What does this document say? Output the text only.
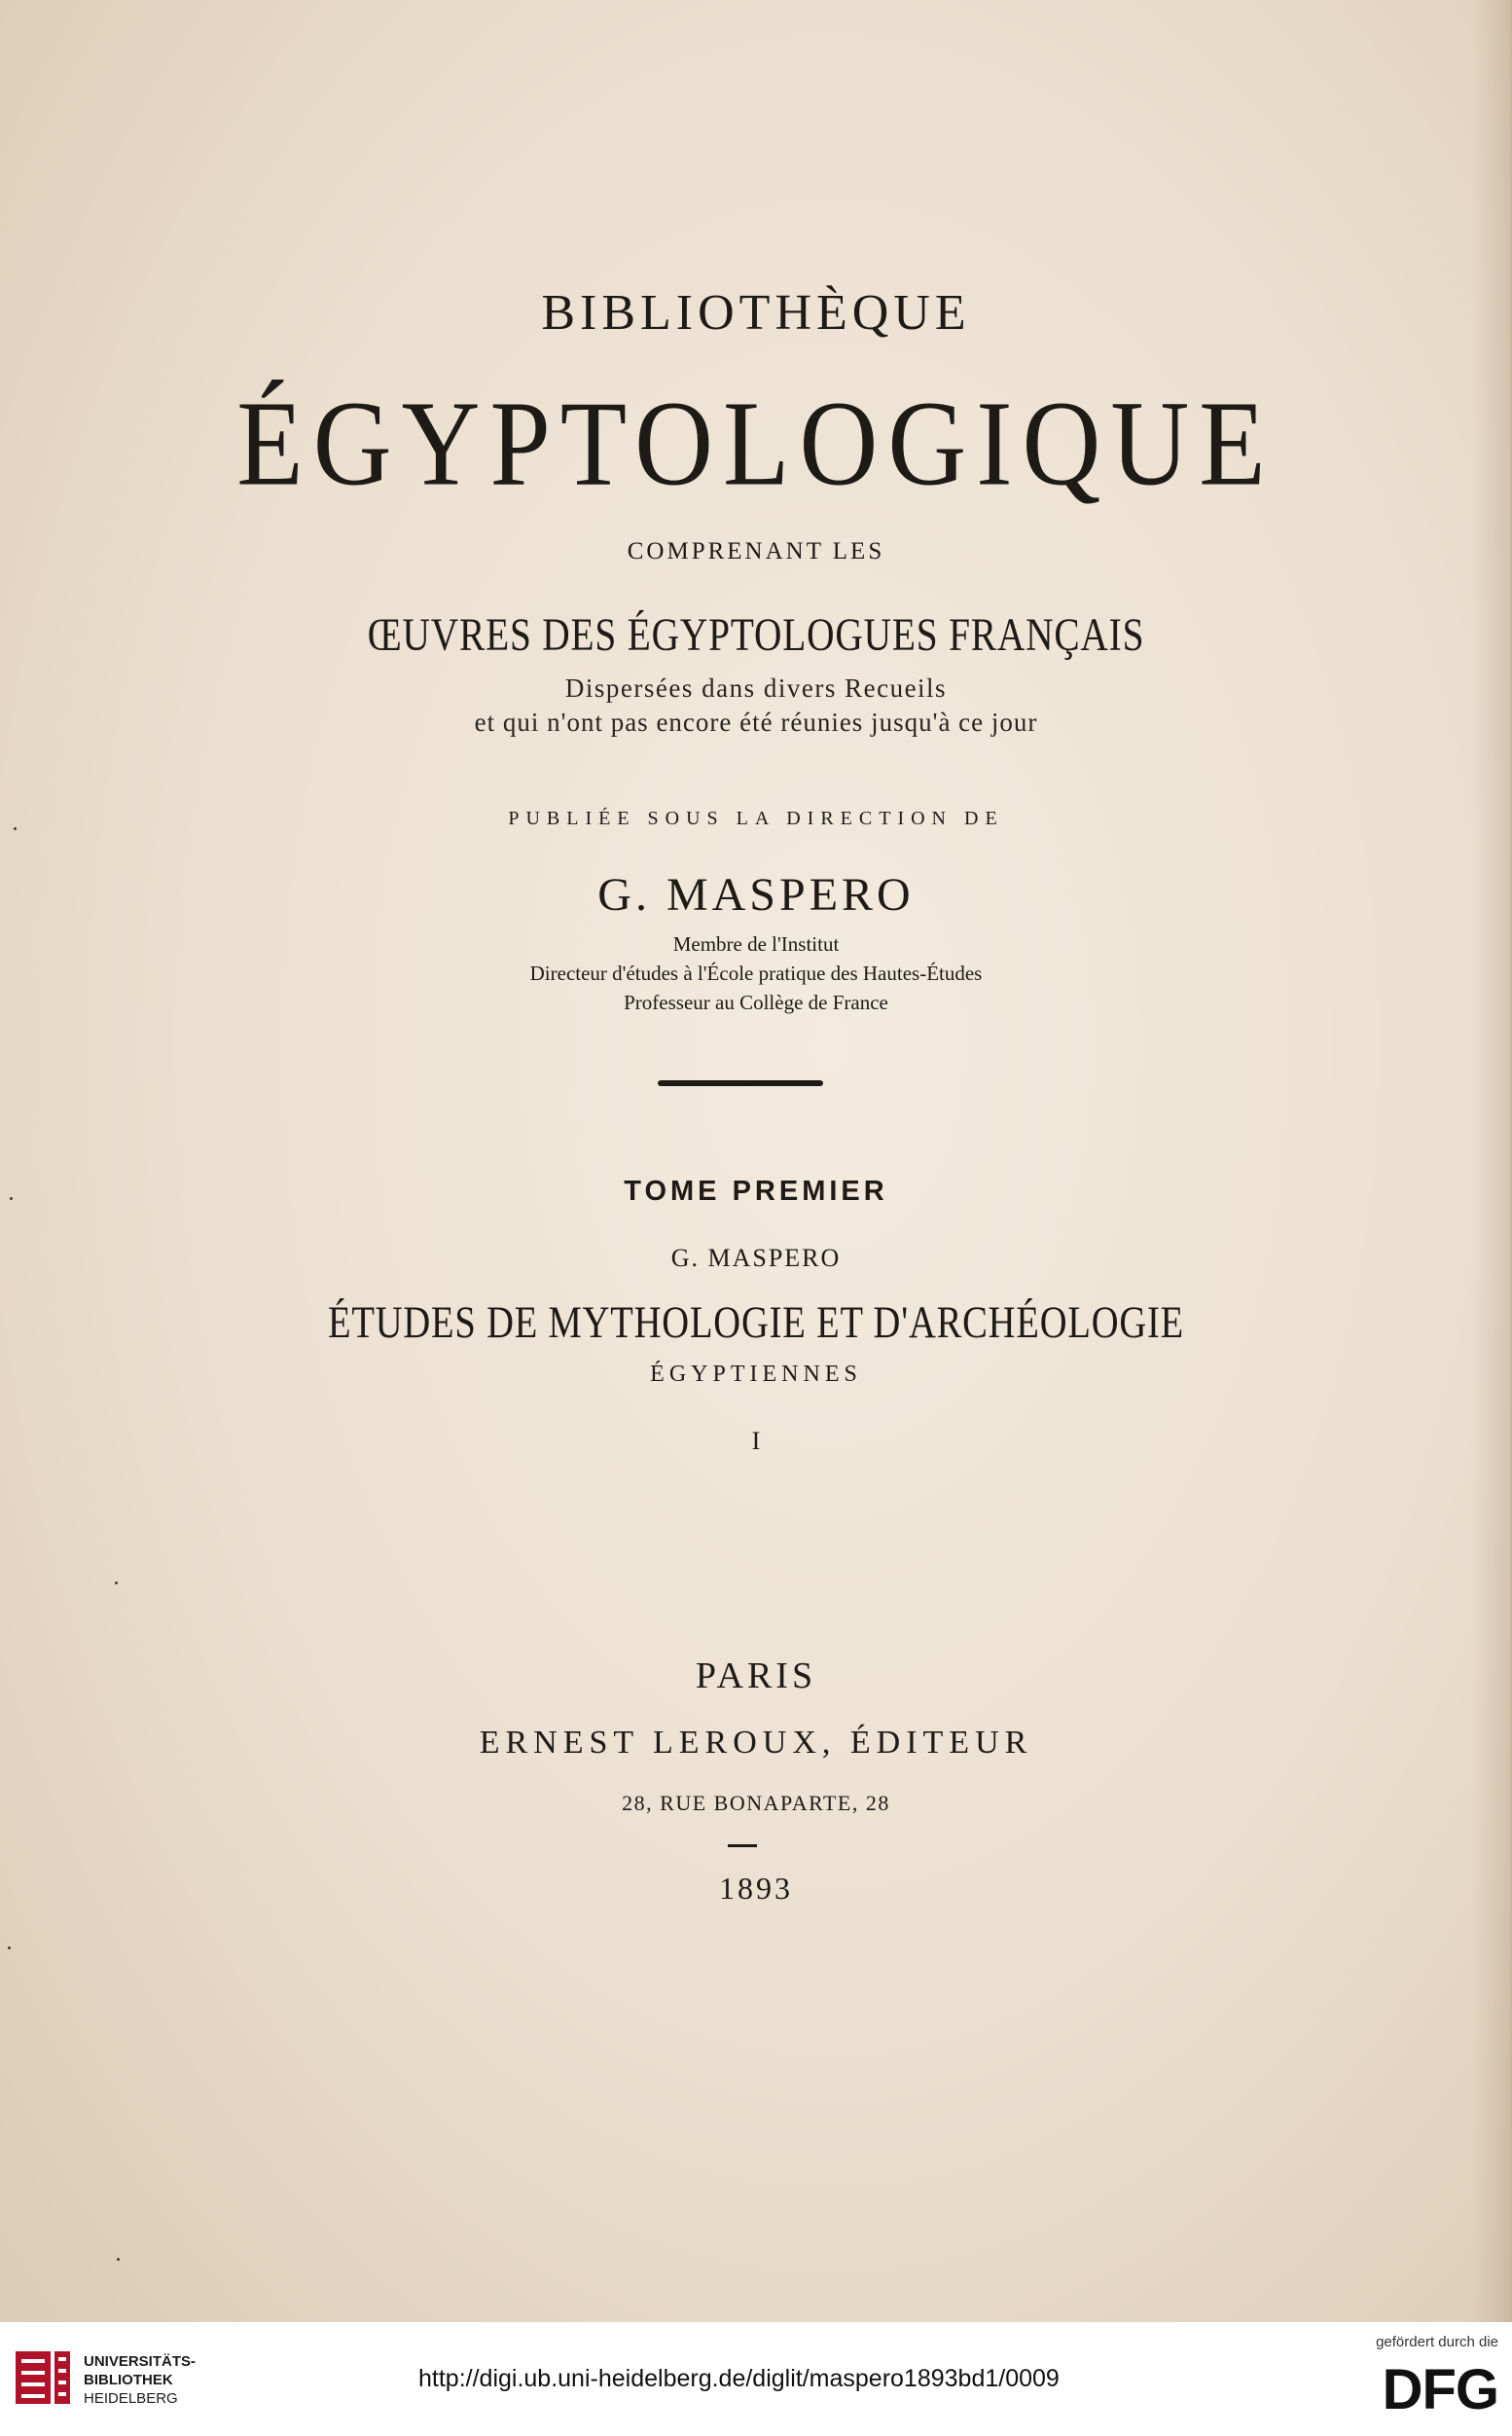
BIBLIOTHÈQUE
ÉGYPTOLOGIQUE
COMPRENANT LES
ŒUVRES DES ÉGYPTOLOGUES FRANÇAIS
Dispersées dans divers Recueils
et qui n'ont pas encore été réunies jusqu'à ce jour
PUBLIÉE SOUS LA DIRECTION DE
G. MASPERO
Membre de l'Institut
Directeur d'études à l'École pratique des Hautes-Études
Professeur au Collège de France
TOME PREMIER
G. MASPERO
ÉTUDES DE MYTHOLOGIE ET D'ARCHÉOLOGIE
ÉGYPTIENNES
I
PARIS
ERNEST LEROUX, ÉDITEUR
28, RUE BONAPARTE, 28
1893
UNIVERSITÄTS-
BIBLIOTHEK
HEIDELBERG
http://digi.ub.uni-heidelberg.de/diglit/maspero1893bd1/0009
gefördert durch die
DFG
